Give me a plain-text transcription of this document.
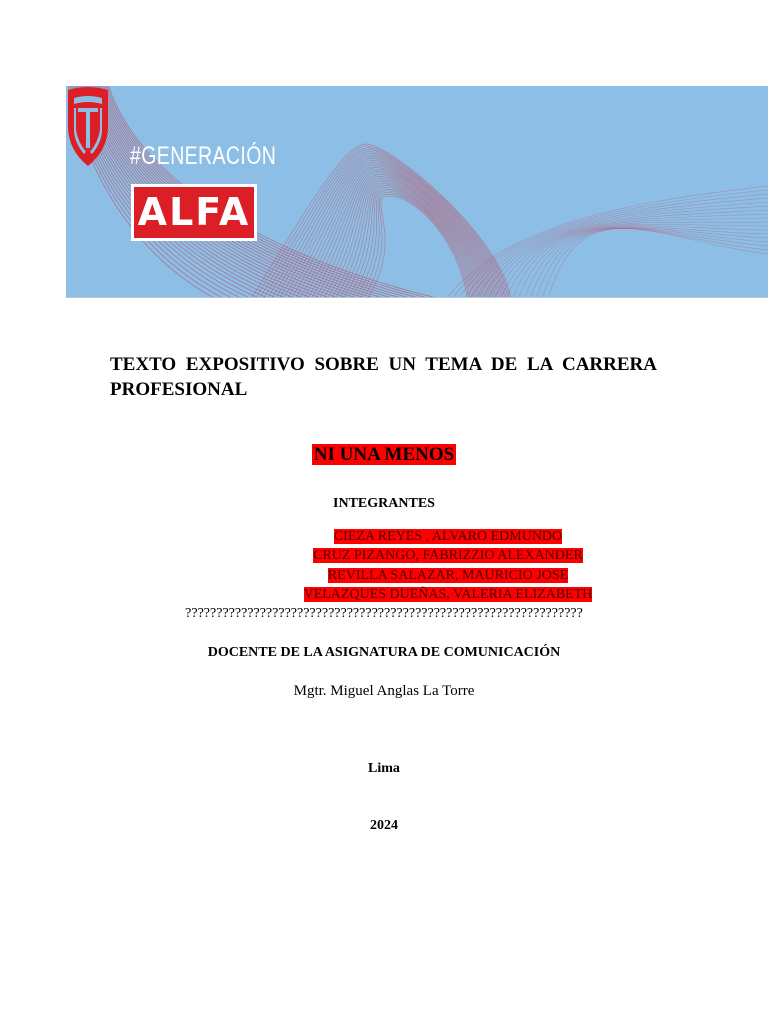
#GENERACIÓN
ALFA
TEXTO EXPOSITIVO SOBRE UN TEMA DE LA CARRERA PROFESIONAL
NI UNA MENOS
INTEGRANTES
CIEZA REYES , ALVARO EDMUNDO
CRUZ PIZANGO, FABRIZZIO ALEXANDER
REVILLA SALAZAR, MAURICIO JOSE
VELAZQUES DUEÑAS, VALERIA ELIZABETH
????????????????????????????????????????????????????????????????
DOCENTE DE LA ASIGNATURA DE COMUNICACIÓN
Mgtr. Miguel Anglas La Torre
Lima
2024
